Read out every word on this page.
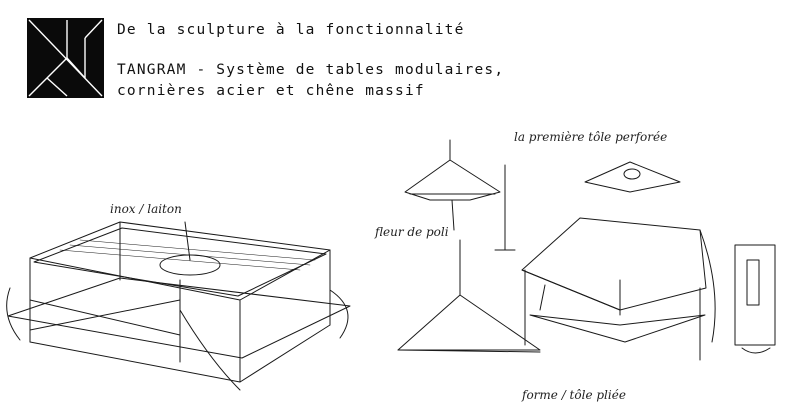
De la sculpture à la fonctionnalité
TANGRAM - Système de tables modulaires,
cornières acier et chêne massif
inox / laiton
la première tôle perforée
fleur de poli
forme / tôle pliée
